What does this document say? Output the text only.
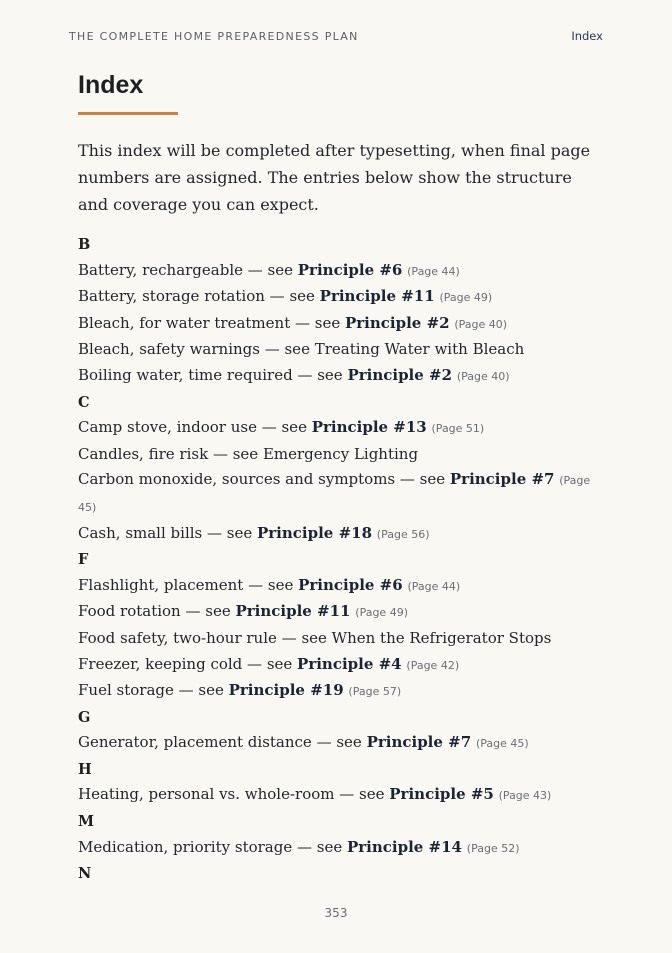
THE COMPLETE HOME PREPAREDNESS PLAN	Index
Index

This index will be completed after typesetting, when final page numbers are assigned. The entries below show the structure and coverage you can expect.

B
Battery, rechargeable — see Principle #6 (Page 44)
Battery, storage rotation — see Principle #11 (Page 49)
Bleach, for water treatment — see Principle #2 (Page 40)
Bleach, safety warnings — see Treating Water with Bleach
Boiling water, time required — see Principle #2 (Page 40)
C
Camp stove, indoor use — see Principle #13 (Page 51)
Candles, fire risk — see Emergency Lighting
Carbon monoxide, sources and symptoms — see Principle #7 (Page 45)
Cash, small bills — see Principle #18 (Page 56)
F
Flashlight, placement — see Principle #6 (Page 44)
Food rotation — see Principle #11 (Page 49)
Food safety, two-hour rule — see When the Refrigerator Stops
Freezer, keeping cold — see Principle #4 (Page 42)
Fuel storage — see Principle #19 (Page 57)
G
Generator, placement distance — see Principle #7 (Page 45)
H
Heating, personal vs. whole-room — see Principle #5 (Page 43)
M
Medication, priority storage — see Principle #14 (Page 52)
N
353
